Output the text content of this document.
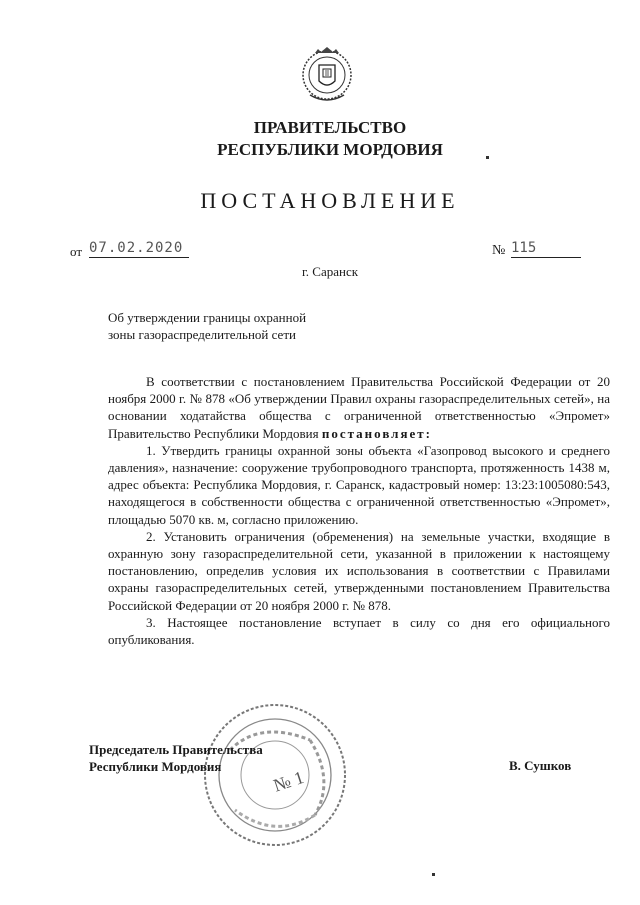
ПРАВИТЕЛЬСТВО
РЕСПУБЛИКИ МОРДОВИЯ
ПОСТАНОВЛЕНИЕ
от 07.02.2020	№ 115
г. Саранск
Об утверждении границы охранной
зоны газораспределительной сети

В соответствии с постановлением Правительства Российской Федерации от 20 ноября 2000 г. № 878 «Об утверждении Правил охраны газораспределительных сетей», на основании ходатайства общества с ограниченной ответственностью «Эпромет» Правительство Республики Мордовия постановляет:

1. Утвердить границы охранной зоны объекта «Газопровод высокого и среднего давления», назначение: сооружение трубопроводного транспорта, протяженность 1438 м, адрес объекта: Республика Мордовия, г. Саранск, кадастровый номер: 13:23:1005080:543, находящегося в собственности общества с ограниченной ответственностью «Эпромет», площадью 5070 кв. м, согласно приложению.

2. Установить ограничения (обременения) на земельные участки, входящие в охранную зону газораспределительной сети, указанной в приложении к настоящему постановлению, определив условия их использования в соответствии с Правилами охраны газораспределительных сетей, утвержденными постановлением Правительства Российской Федерации от 20 ноября 2000 г. № 878.

3. Настоящее постановление вступает в силу со дня его официального опубликования.

№ 1
Председатель Правительства
Республики Мордовия	В. Сушков
